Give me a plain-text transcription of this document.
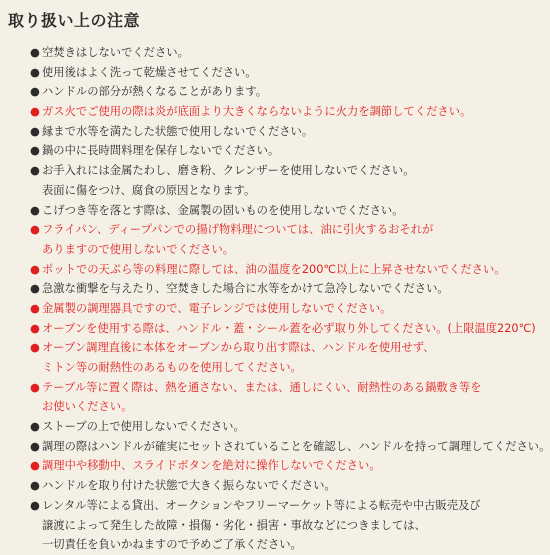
取り扱い上の注意
● 空焚きはしないでください。
● 使用後はよく洗って乾燥させてください。
● ハンドルの部分が熱くなることがあります。
● ガス火でご使用の際は炎が底面より大きくならないように火力を調節してください。
● 縁まで水等を満たした状態で使用しないでください。
● 鍋の中に長時間料理を保存しないでください。
● お手入れには金属たわし、磨き粉、クレンザーを使用しないでください。
表面に傷をつけ、腐食の原因となります。
● こげつき等を落とす際は、金属製の固いものを使用しないでください。
● フライパン、ディープパンでの揚げ物料理については、油に引火するおそれが
ありますので使用しないでください。
● ポットでの天ぷら等の料理に際しては、油の温度を200℃以上に上昇させないでください。
● 急激な衝撃を与えたり、空焚きした場合に水等をかけて急冷しないでください。
● 金属製の調理器具ですので、電子レンジでは使用しないでください。
● オーブンを使用する際は、ハンドル・蓋・シール蓋を必ず取り外してください。(上限温度220℃)
● オーブン調理直後に本体をオーブンから取り出す際は、ハンドルを使用せず、
ミトン等の耐熱性のあるものを使用してください。
● テーブル等に置く際は、熱を通さない、または、通しにくい、耐熱性のある鍋敷き等を
お使いください。
● ストーブの上で使用しないでください。
● 調理の際はハンドルが確実にセットされていることを確認し、ハンドルを持って調理してください。
● 調理中や移動中、スライドボタンを絶対に操作しないでください。
● ハンドルを取り付けた状態で大きく振らないでください。
● レンタル等による貸出、オークションやフリーマーケット等による転売や中古販売及び
譲渡によって発生した故障・損傷・劣化・損害・事故などにつきましては、
一切責任を負いかねますので予めご了承ください。
